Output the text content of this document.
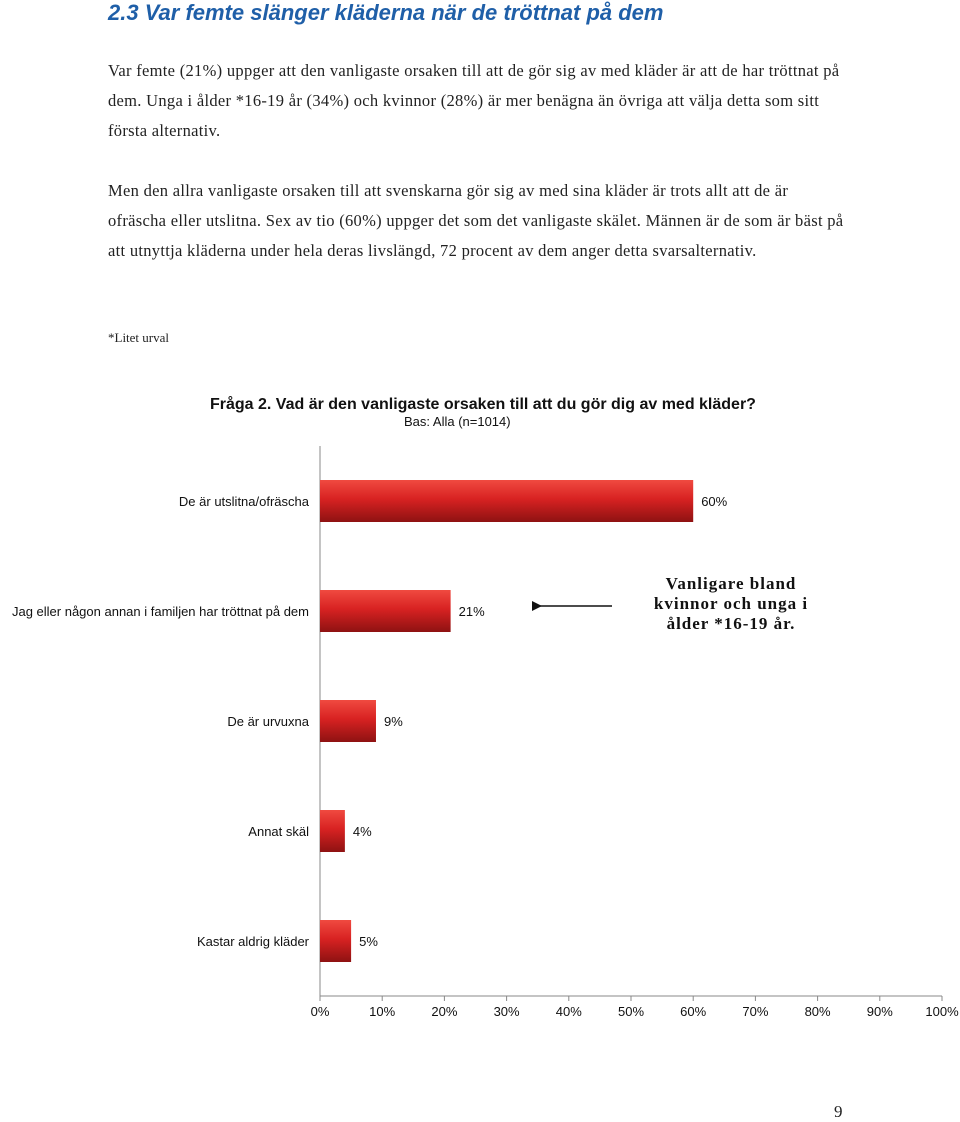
2.3 Var femte slänger kläderna när de tröttnat på dem

Var femte (21%) uppger att den vanligaste orsaken till att de gör sig av med kläder är att de har tröttnat på dem. Unga i ålder *16-19 år (34%) och kvinnor (28%) är mer benägna än övriga att välja detta som sitt första alternativ.

Men den allra vanligaste orsaken till att svenskarna gör sig av med sina kläder är trots allt att de är ofräscha eller utslitna. Sex av tio (60%) uppger det som det vanligaste skälet. Männen är de som är bäst på att utnyttja kläderna under hela deras livslängd, 72 procent av dem anger detta svarsalternativ.

*Litet urval
Fråga 2. Vad är den vanligaste orsaken till att du gör dig av med kläder?
Bas: Alla (n=1014)
0%	10%	20%	30%	40%	50%	60%	70%	80%	90%	100%
De är utslitna/ofräscha	60%
Jag eller någon annan i familjen har tröttnat på dem	21%
De är urvuxna	9%
Annat skäl	4%
Kastar aldrig kläder	5%
Vanligare bland kvinnor och unga i ålder *16-19 år.
9
